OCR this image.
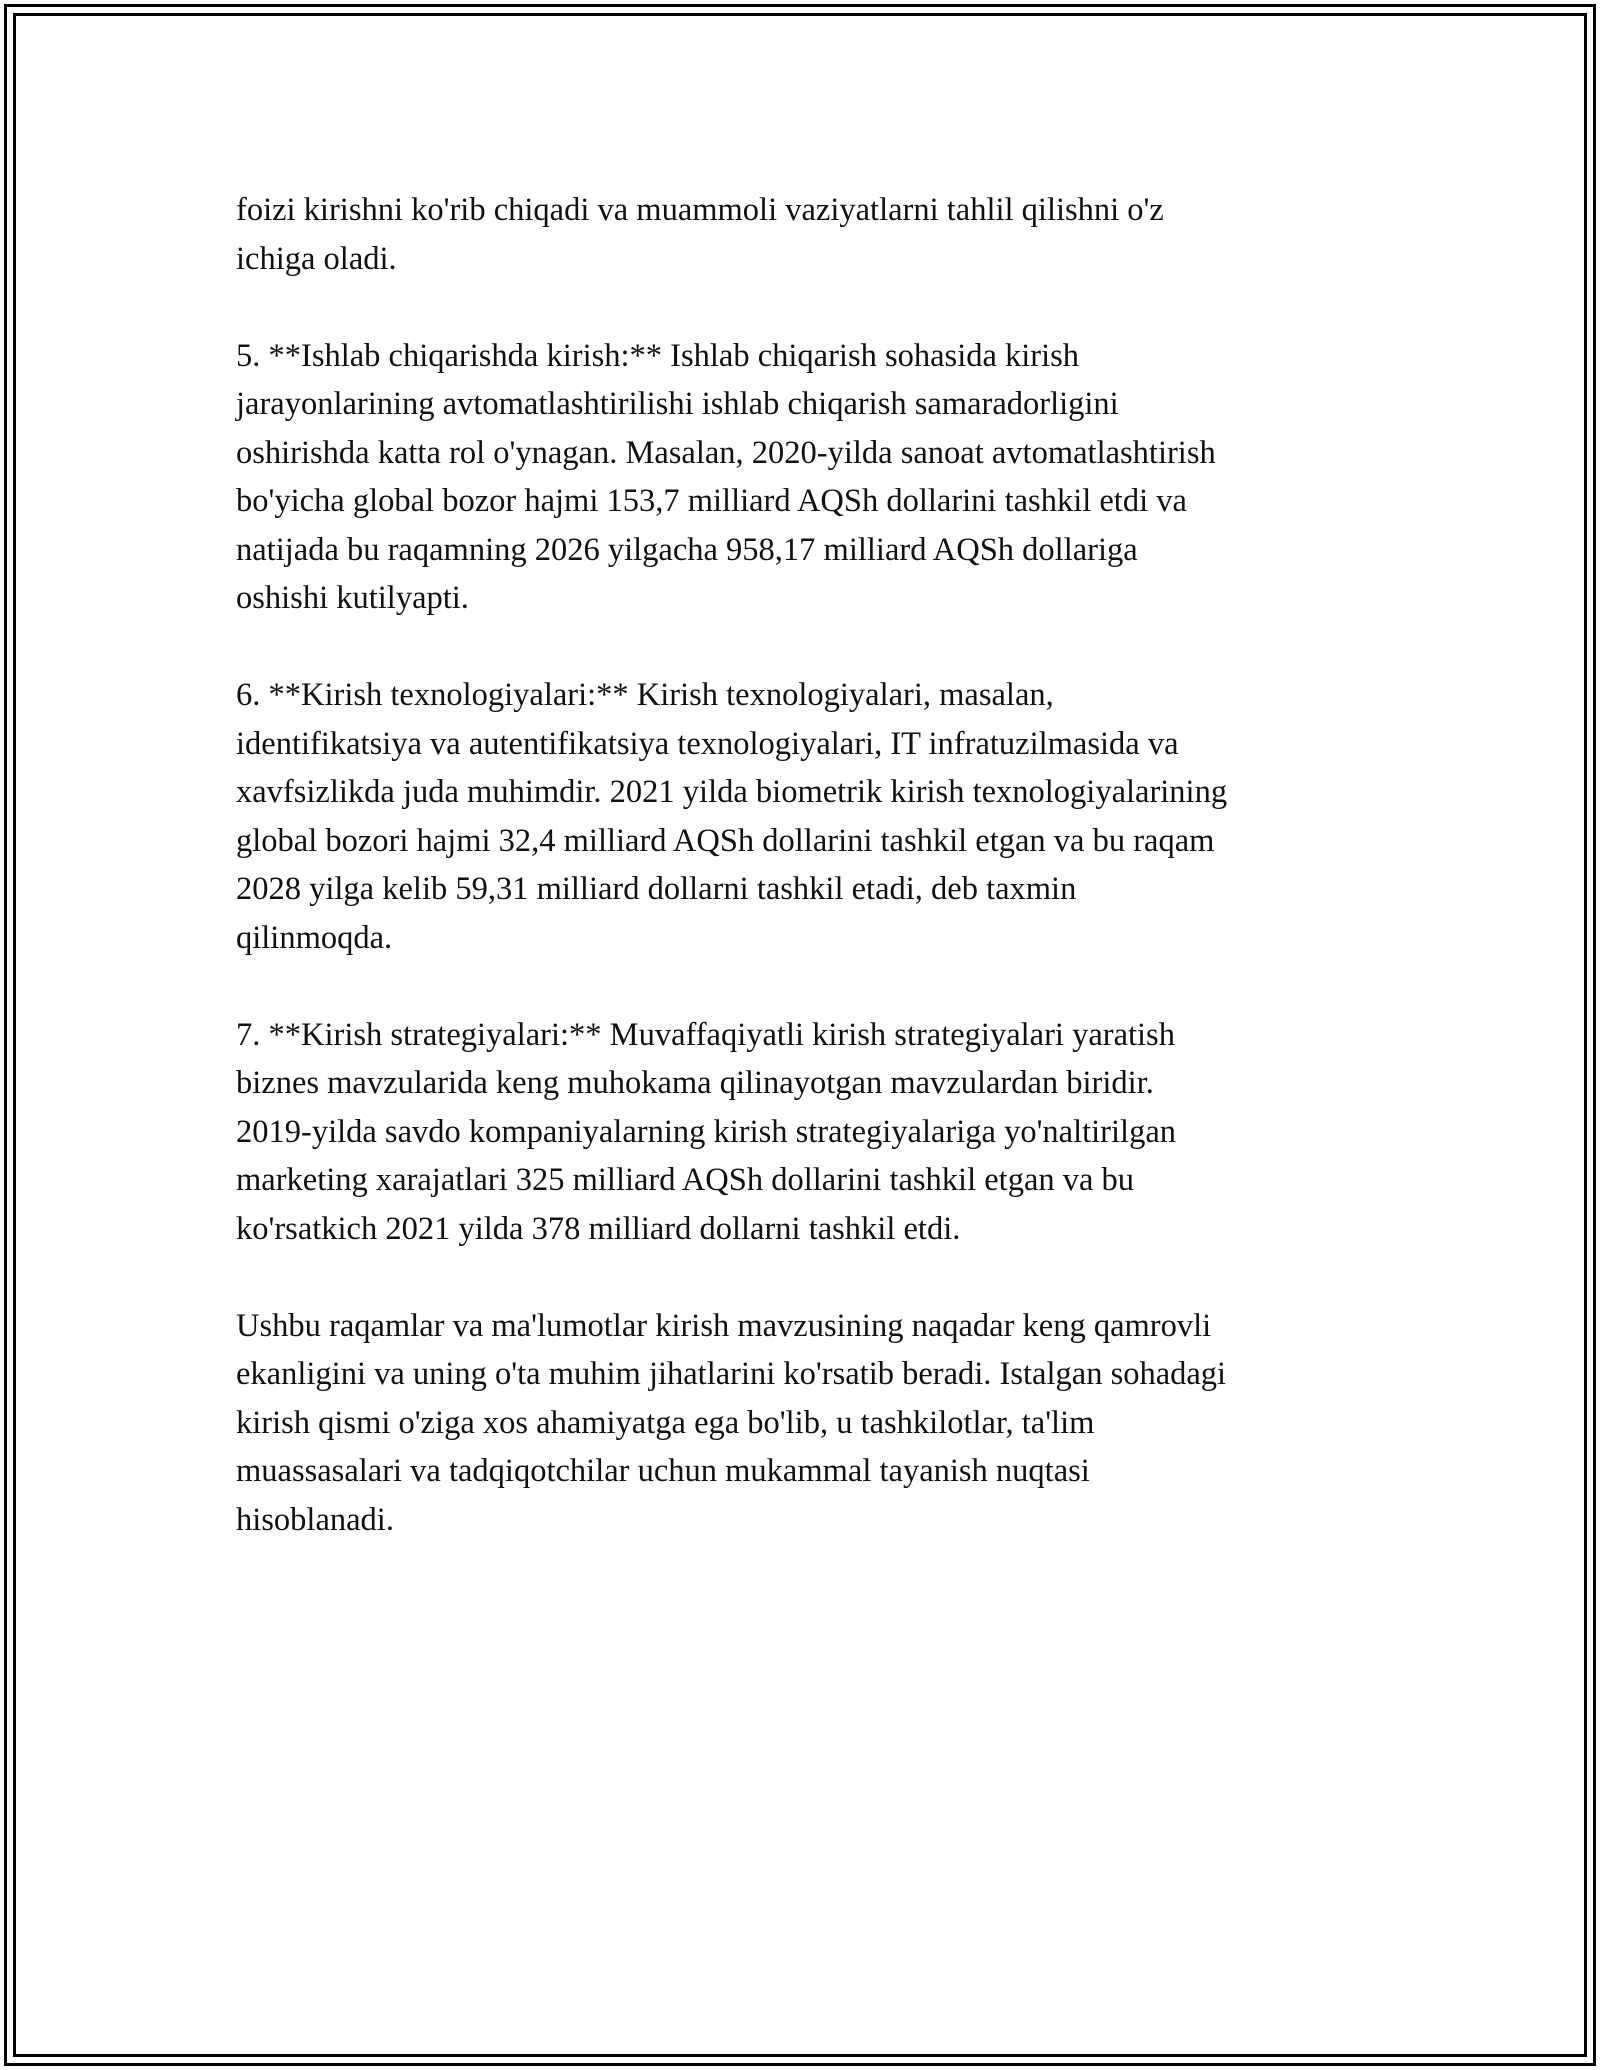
foizi kirishni ko'rib chiqadi va muammoli vaziyatlarni tahlil qilishni o'z
ichiga oladi.

5. **Ishlab chiqarishda kirish:** Ishlab chiqarish sohasida kirish
jarayonlarining avtomatlashtirilishi ishlab chiqarish samaradorligini
oshirishda katta rol o'ynagan. Masalan, 2020-yilda sanoat avtomatlashtirish
bo'yicha global bozor hajmi 153,7 milliard AQSh dollarini tashkil etdi va
natijada bu raqamning 2026 yilgacha 958,17 milliard AQSh dollariga
oshishi kutilyapti.

6. **Kirish texnologiyalari:** Kirish texnologiyalari, masalan,
identifikatsiya va autentifikatsiya texnologiyalari, IT infratuzilmasida va
xavfsizlikda juda muhimdir. 2021 yilda biometrik kirish texnologiyalarining
global bozori hajmi 32,4 milliard AQSh dollarini tashkil etgan va bu raqam
2028 yilga kelib 59,31 milliard dollarni tashkil etadi, deb taxmin
qilinmoqda.

7. **Kirish strategiyalari:** Muvaffaqiyatli kirish strategiyalari yaratish
biznes mavzularida keng muhokama qilinayotgan mavzulardan biridir.
2019-yilda savdo kompaniyalarning kirish strategiyalariga yo'naltirilgan
marketing xarajatlari 325 milliard AQSh dollarini tashkil etgan va bu
ko'rsatkich 2021 yilda 378 milliard dollarni tashkil etdi.

Ushbu raqamlar va ma'lumotlar kirish mavzusining naqadar keng qamrovli
ekanligini va uning o'ta muhim jihatlarini ko'rsatib beradi. Istalgan sohadagi
kirish qismi o'ziga xos ahamiyatga ega bo'lib, u tashkilotlar, ta'lim
muassasalari va tadqiqotchilar uchun mukammal tayanish nuqtasi
hisoblanadi.
